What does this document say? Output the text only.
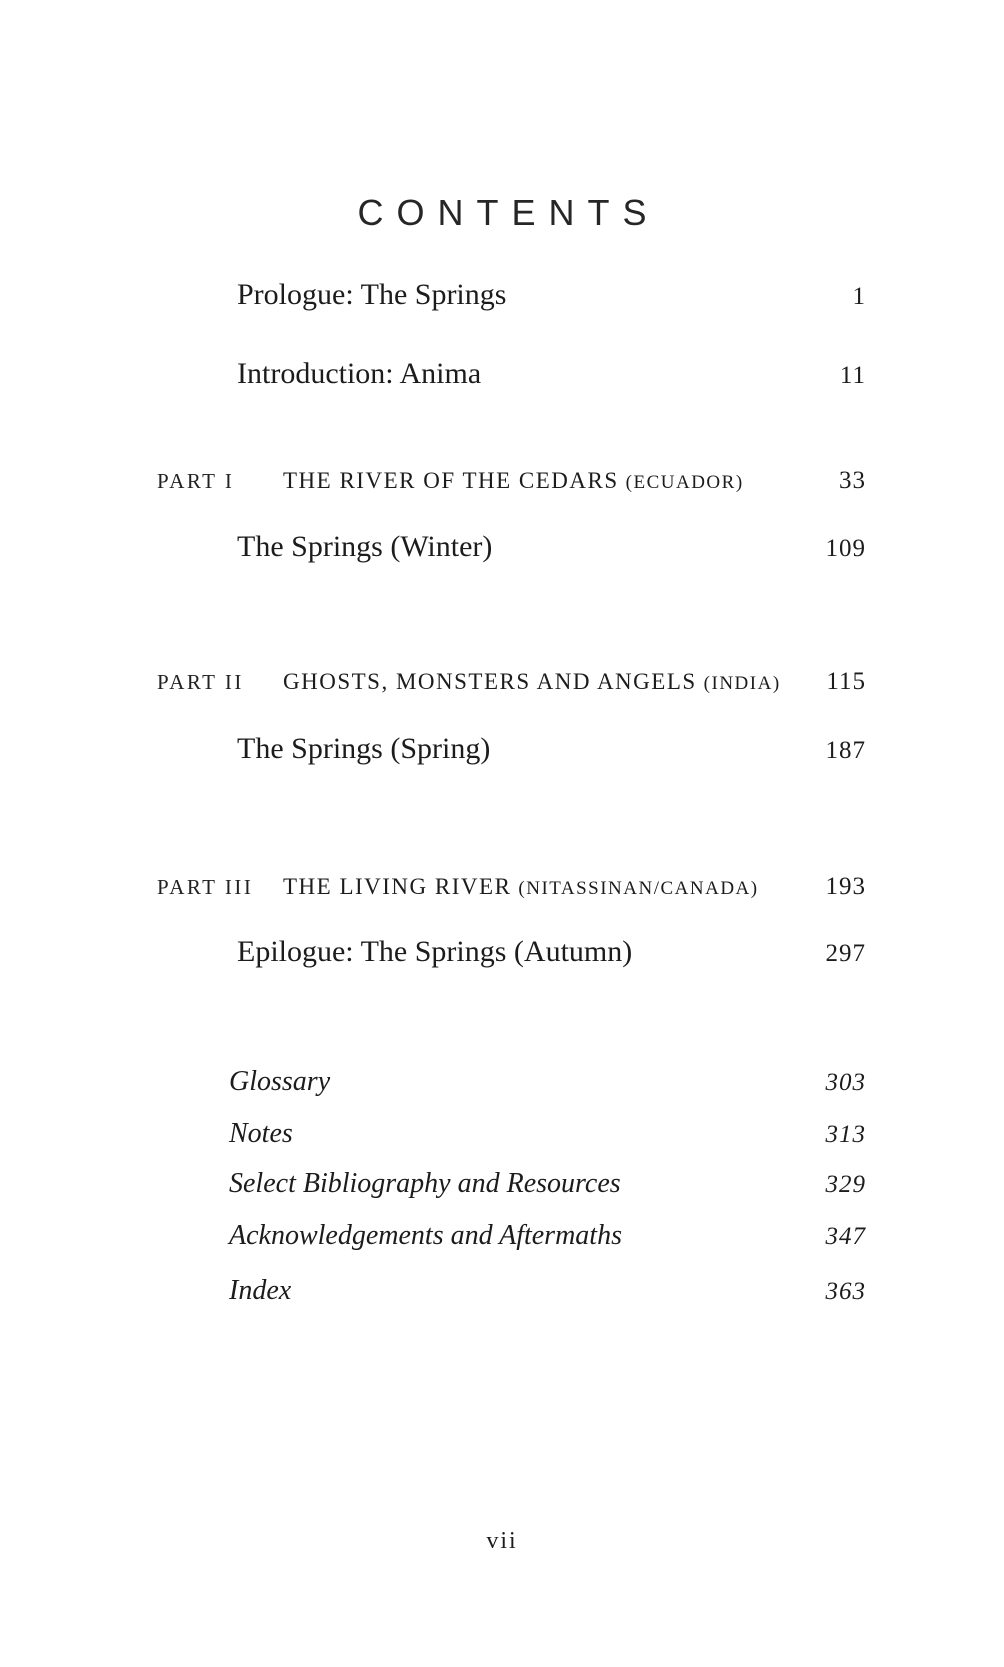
CONTENTS
Prologue: The Springs	1
Introduction: Anima	11
PART I	THE RIVER OF THE CEDARS (ECUADOR)	33
The Springs (Winter)	109
PART II	GHOSTS, MONSTERS AND ANGELS (INDIA) 115
The Springs (Spring)	187
PART III	THE LIVING RIVER (NITASSINAN/CANADA)	193
Epilogue: The Springs (Autumn)	297
Glossary	303
Notes	313
Select Bibliography and Resources	329
Acknowledgements and Aftermaths	347
Index	363
vii
